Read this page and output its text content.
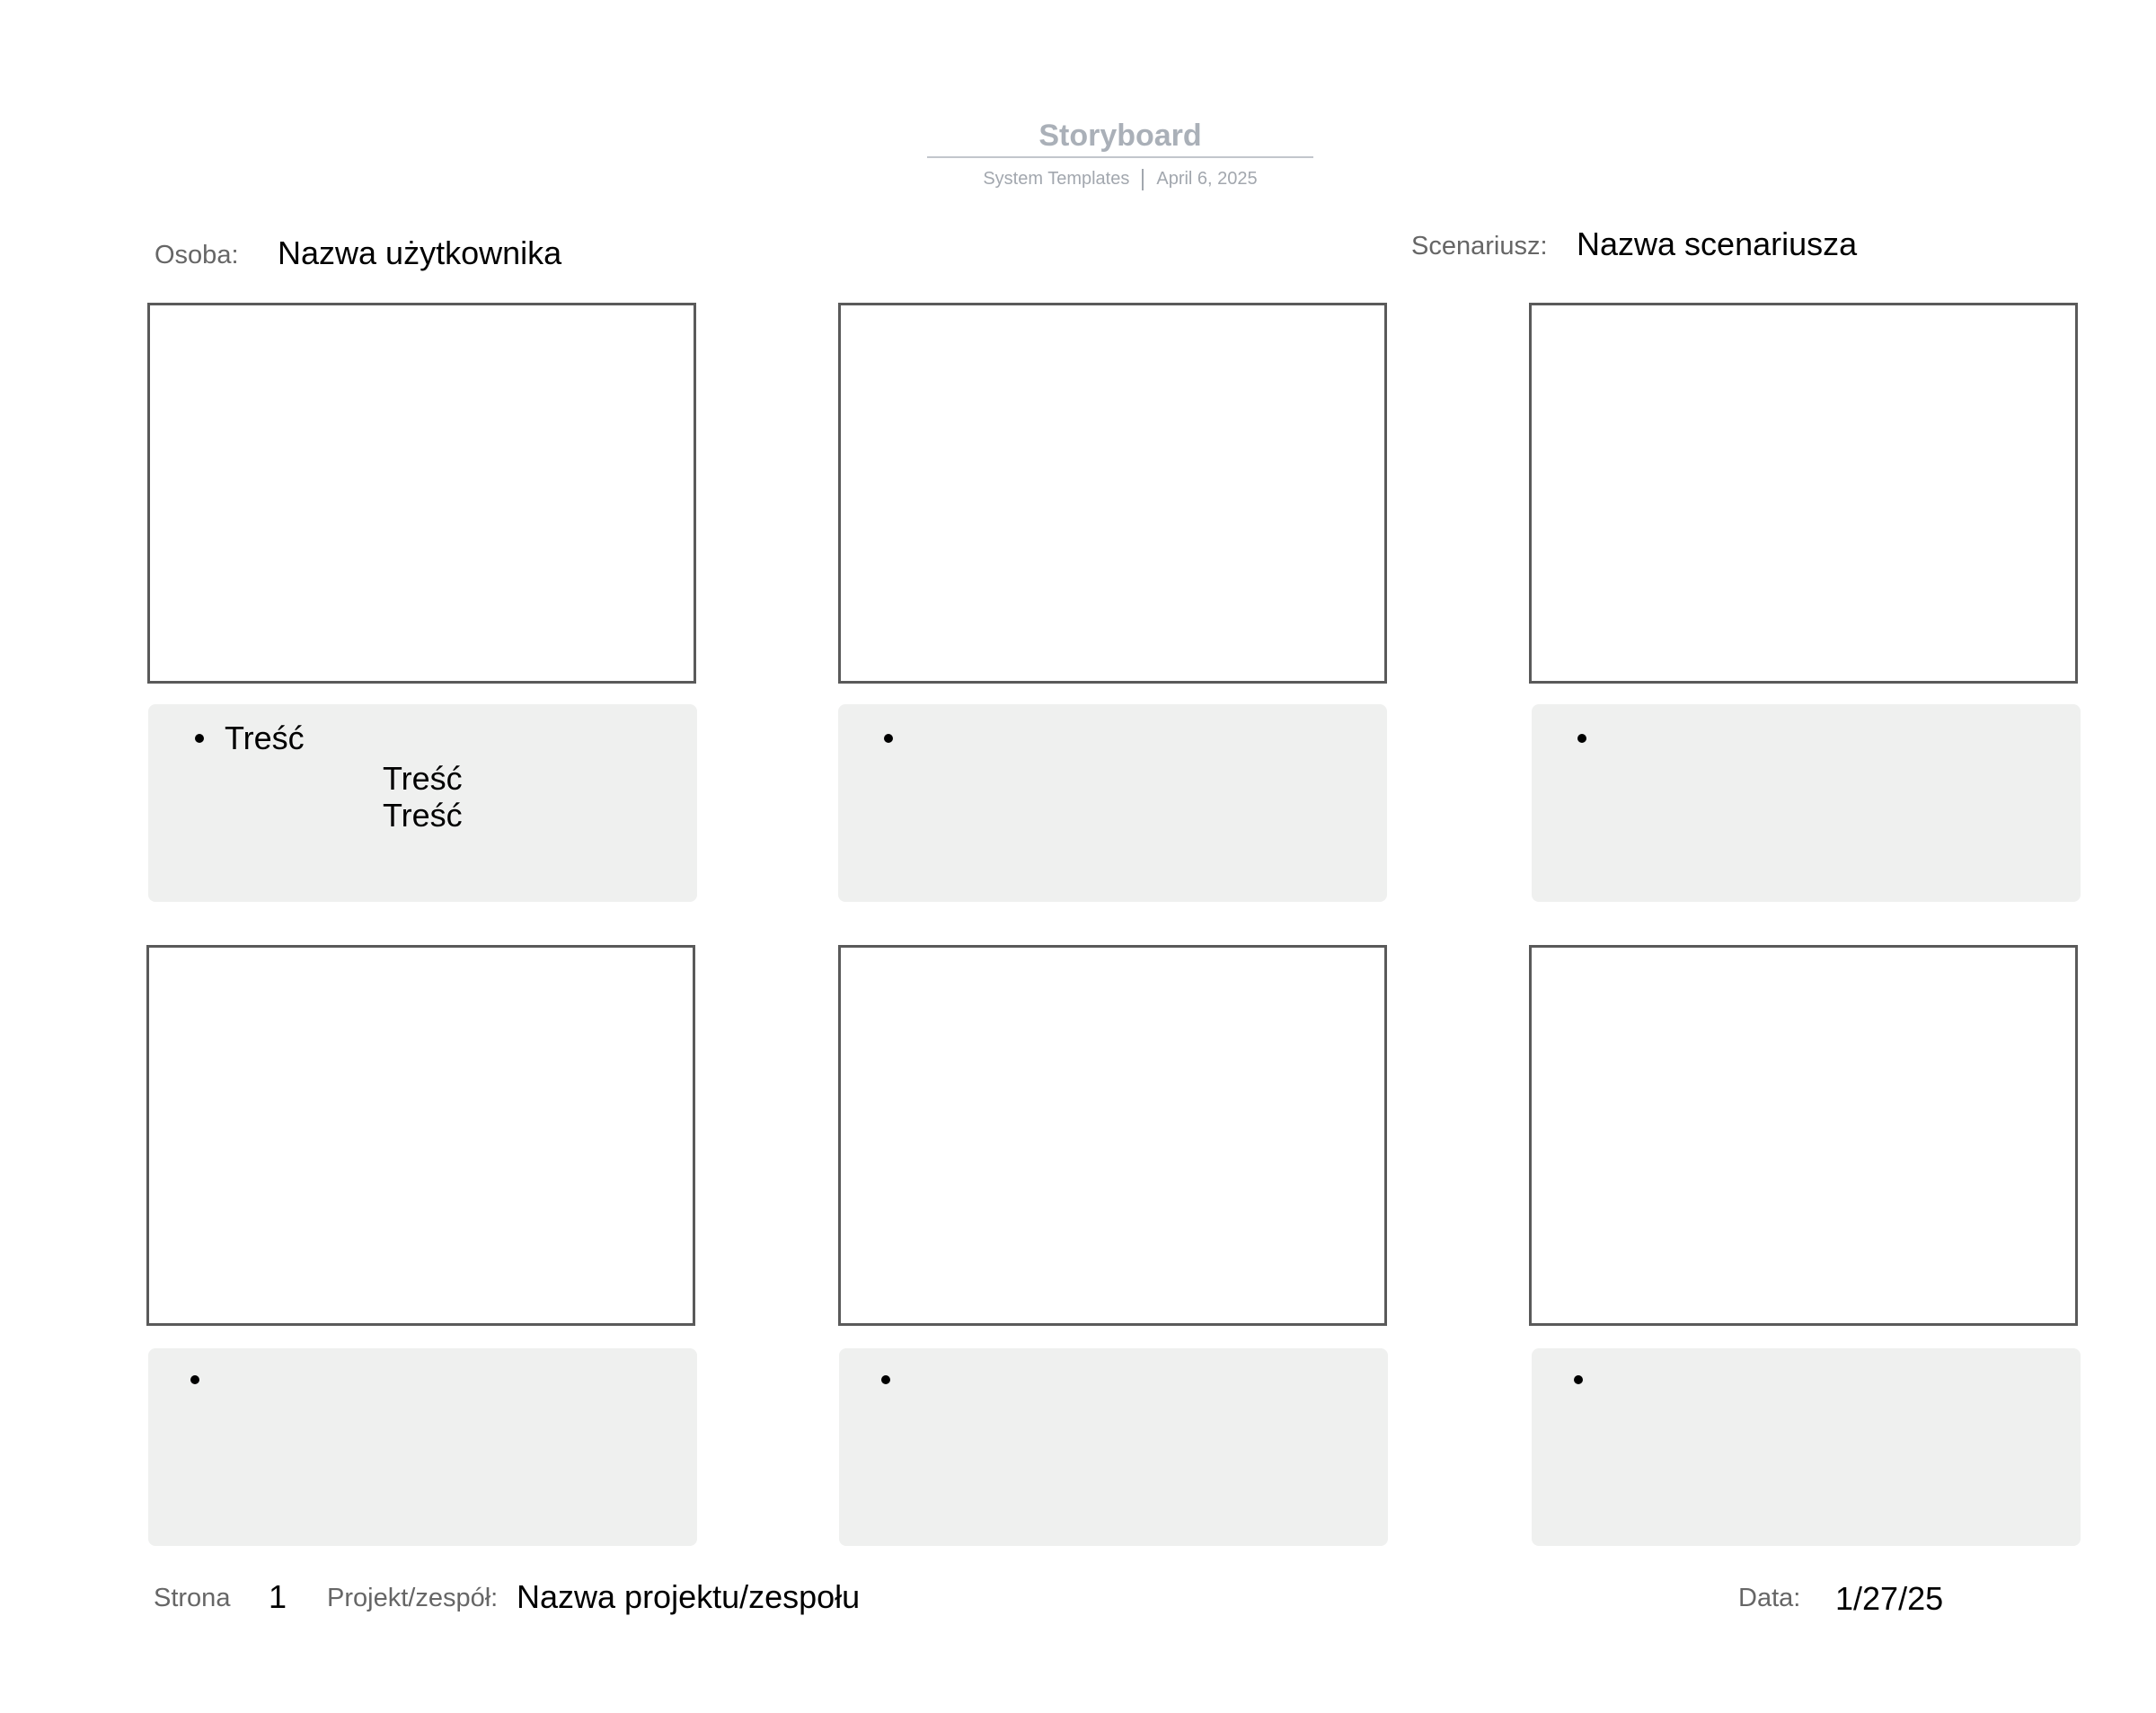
Storyboard
System Templates April 6, 2025
Osoba: Nazwa użytkownika	Scenariusz: Nazwa scenariusza
Treść
Treść
Treść
Strona 1 Projekt/zespół: Nazwa projektu/zespołu	Data: 1/27/25
